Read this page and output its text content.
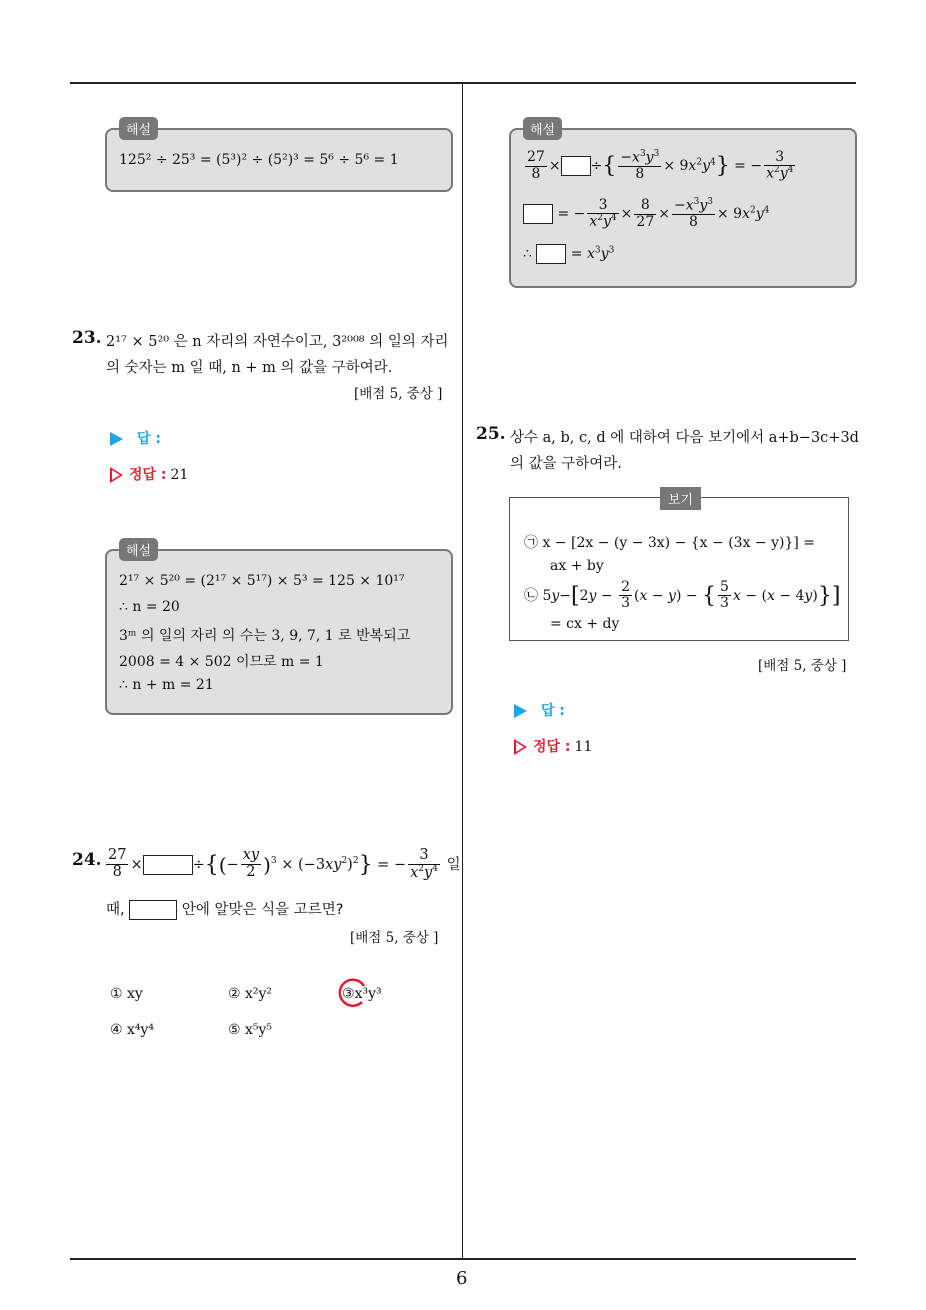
6
125² ÷ 25³ = (5³)² ÷ (5²)³ = 5⁶ ÷ 5⁶ = 1
해설
23. 2¹⁷ × 5²⁰ 은 n 자리의 자연수이고, 3²⁰⁰⁸ 의 일의 자리
의 숫자는 m 일 때, n + m 의 값을 구하여라.
[배점 5, 중상 ]
답 :
정답 : 21
2¹⁷ × 5²⁰ = (2¹⁷ × 5¹⁷) × 5³ = 125 × 10¹⁷
∴ n = 20
3ᵐ 의 일의 자리 의 수는 3, 9, 7, 1 로 반복되고
2008 = 4 × 502 이므로 m = 1
∴ n + m = 21
해설
24. $\frac{27}{8}$ ×	÷{(− $\frac{xy}{2} )^3 \times (-3xy^2)^2$} = − $\frac{3}{x^2y^4}$ 일
때,	안에 알맞은 식을 고르면?
[배점 5, 중상 ]
① xy	② x²y²	③x³y³
④ x⁴y⁴	⑤ x⁵y⁵
$\frac{27}{8}$ × ÷{ $\frac{-x^3y^3}{8} \times 9x^2y^4$} = − $\frac{3}{x^2y^4}$
= − $\frac{3}{x^2y^4} \times \frac{8}{27} \times \frac{-x^3y^3}{8} \times 9x^2y^4$
∴  = $x^3y^3$
해설
25. 상수 a, b, c, d 에 대하여 다음 보기에서 a+b−3c+3d
의 값을 구하여라.
㉠ x − [2x − (y − 3x) − {x − (3x − y)}] =
ax + by
㉡ $5y-[2y - \frac{2}{3} (x - y)$ − { $\frac{5}{3}$ x − (x − 4y)}]
= cx + dy
보기
[배점 5, 중상 ]
답 :
정답 : 11
